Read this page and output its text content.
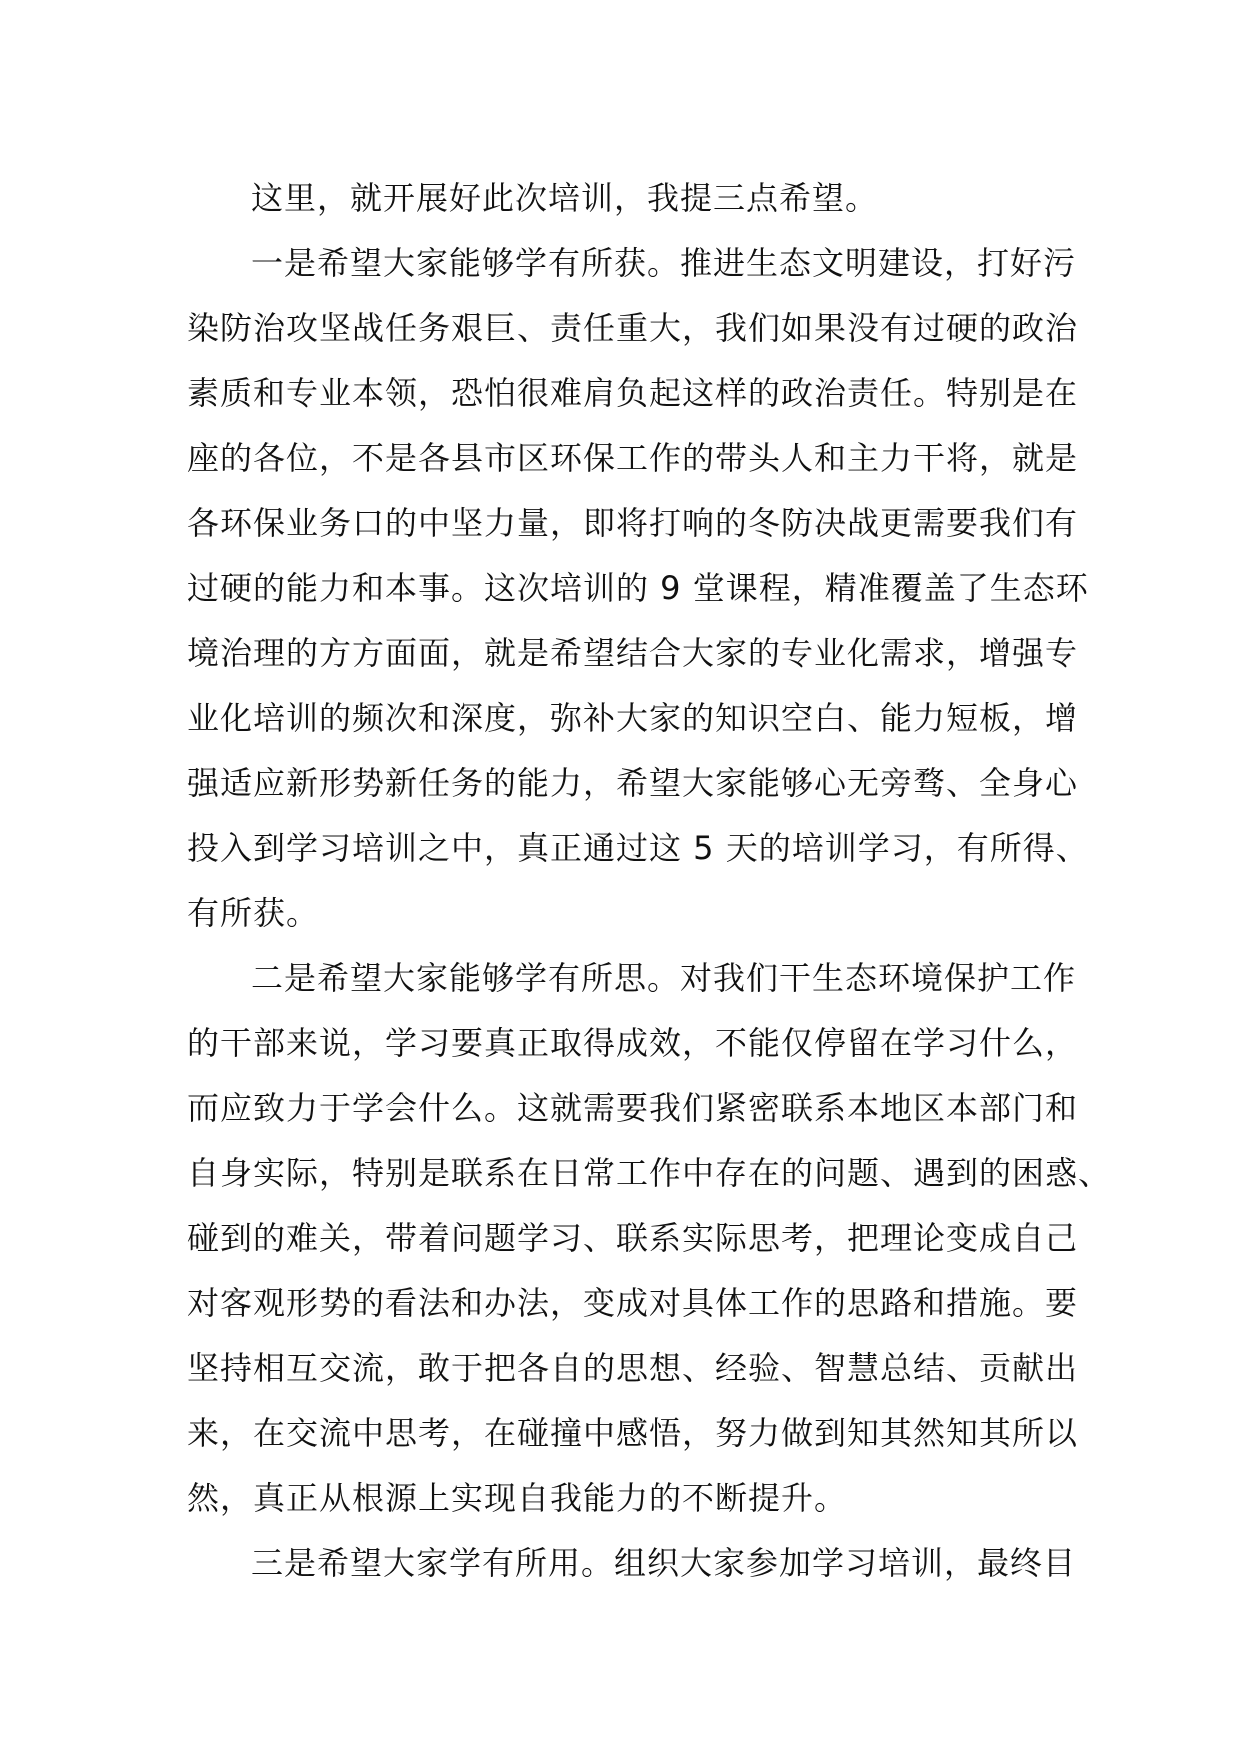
这里，就开展好此次培训，我提三点希望。
一是希望大家能够学有所获。推进生态文明建设，打好污
染防治攻坚战任务艰巨、责任重大，我们如果没有过硬的政治
素质和专业本领，恐怕很难肩负起这样的政治责任。特别是在
座的各位，不是各县市区环保工作的带头人和主力干将，就是
各环保业务口的中坚力量，即将打响的冬防决战更需要我们有
过硬的能力和本事。这次培训的 9 堂课程，精准覆盖了生态环
境治理的方方面面，就是希望结合大家的专业化需求，增强专
业化培训的频次和深度，弥补大家的知识空白、能力短板，增
强适应新形势新任务的能力，希望大家能够心无旁骛、全身心
投入到学习培训之中，真正通过这 5 天的培训学习，有所得、
有所获。
二是希望大家能够学有所思。对我们干生态环境保护工作
的干部来说，学习要真正取得成效，不能仅停留在学习什么，
而应致力于学会什么。这就需要我们紧密联系本地区本部门和
自身实际，特别是联系在日常工作中存在的问题、遇到的困惑、
碰到的难关，带着问题学习、联系实际思考，把理论变成自己
对客观形势的看法和办法，变成对具体工作的思路和措施。要
坚持相互交流，敢于把各自的思想、经验、智慧总结、贡献出
来，在交流中思考，在碰撞中感悟，努力做到知其然知其所以
然，真正从根源上实现自我能力的不断提升。
三是希望大家学有所用。组织大家参加学习培训，最终目
